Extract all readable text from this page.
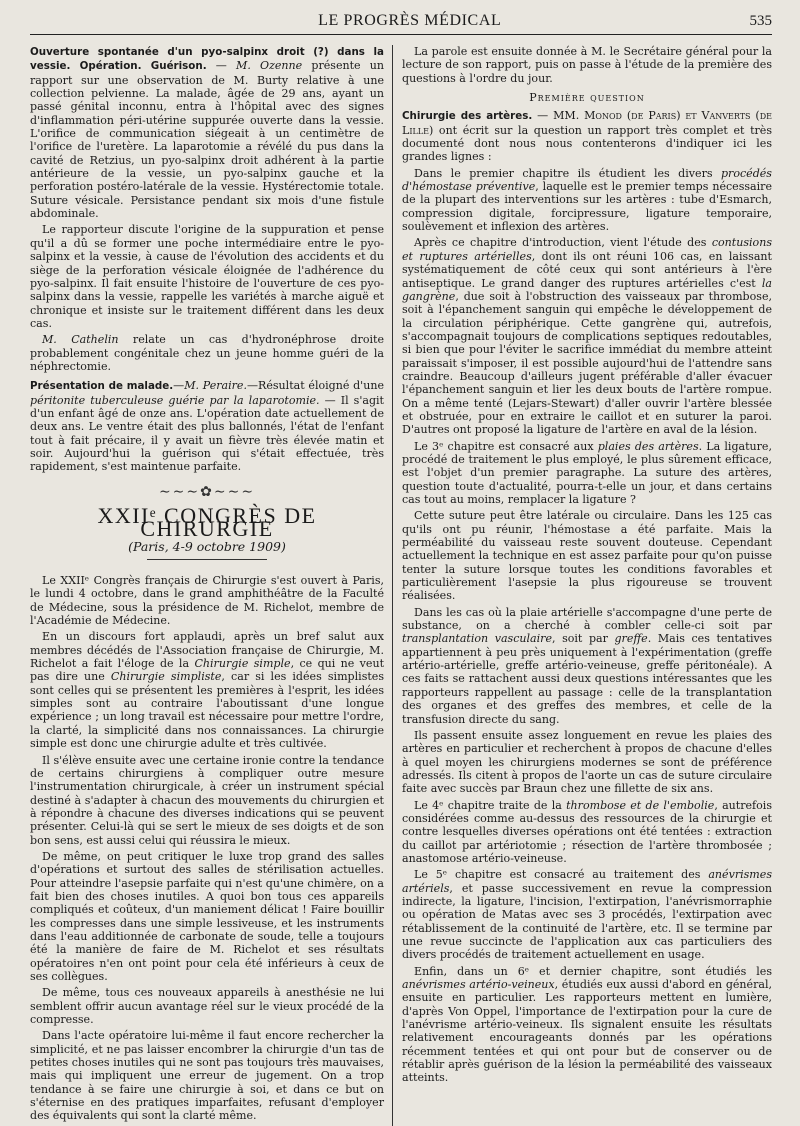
LE PROGRÈS MÉDICAL	535

Ouverture spontanée d'un pyo-salpinx droit (?) dans la vessie. Opération. Guérison. — M. Ozenne présente un rapport sur une observation de M. Burty relative à une collection pelvienne. La malade, âgée de 29 ans, ayant un passé génital inconnu, entra à l'hôpital avec des signes d'inflammation péri-utérine suppurée ouverte dans la vessie. L'orifice de communication siégeait à un centimètre de l'orifice de l'uretère. La laparotomie a révélé du pus dans la cavité de Retzius, un pyo-salpinx droit adhérent à la partie antérieure de la vessie, un pyo-salpinx gauche et la perforation postéro-latérale de la vessie. Hystérectomie totale. Suture vésicale. Persistance pendant six mois d'une fistule abdominale.

Le rapporteur discute l'origine de la suppuration et pense qu'il a dû se former une poche intermédiaire entre le pyo-salpinx et la vessie, à cause de l'évolution des accidents et du siège de la perforation vésicale éloignée de l'adhérence du pyo-salpinx. Il fait ensuite l'histoire de l'ouverture de ces pyo-salpinx dans la vessie, rappelle les variétés à marche aiguë et chronique et insiste sur le traitement différent dans les deux cas.

M. Cathelin relate un cas d'hydronéphrose droite probablement congénitale chez un jeune homme guéri de la néphrectomie.

Présentation de malade.—M. Peraire.—Résultat éloigné d'une péritonite tuberculeuse guérie par la laparotomie. — Il s'agit d'un enfant âgé de onze ans. L'opération date actuellement de deux ans. Le ventre était des plus ballonnés, l'état de l'enfant tout à fait précaire, il y avait un fièvre très élevée matin et soir. Aujourd'hui la guérison qui s'était effectuée, très rapidement, s'est maintenue parfaite.

∼∼∼✿∼∼∼
XXIIᵉ CONGRÈS DE CHIRURGIE
(Paris, 4-9 octobre 1909)

Le XXIIᵉ Congrès français de Chirurgie s'est ouvert à Paris, le lundi 4 octobre, dans le grand amphithéâtre de la Faculté de Médecine, sous la présidence de M. Richelot, membre de l'Académie de Médecine.

En un discours fort applaudi, après un bref salut aux membres décédés de l'Association française de Chirurgie, M. Richelot a fait l'éloge de la Chirurgie simple, ce qui ne veut pas dire une Chirurgie simpliste, car si les idées simplistes sont celles qui se présentent les premières à l'esprit, les idées simples sont au contraire l'aboutissant d'une longue expérience ; un long travail est nécessaire pour mettre l'ordre, la clarté, la simplicité dans nos connaissances. La chirurgie simple est donc une chirurgie adulte et très cultivée.

Il s'élève ensuite avec une certaine ironie contre la tendance de certains chirurgiens à compliquer outre mesure l'instrumentation chirurgicale, à créer un instrument spécial destiné à s'adapter à chacun des mouvements du chirurgien et à répondre à chacune des diverses indications qui se peuvent présenter. Celui-là qui se sert le mieux de ses doigts et de son bon sens, est aussi celui qui réussira le mieux.

De même, on peut critiquer le luxe trop grand des salles d'opérations et surtout des salles de stérilisation actuelles. Pour atteindre l'asepsie parfaite qui n'est qu'une chimère, on a fait bien des choses inutiles. A quoi bon tous ces appareils compliqués et coûteux, d'un maniement délicat ! Faire bouillir les compresses dans une simple lessiveuse, et les instruments dans l'eau additionnée de carbonate de soude, telle a toujours été la manière de faire de M. Richelot et ses résultats opératoires n'en ont point pour cela été inférieurs à ceux de ses collègues.

De même, tous ces nouveaux appareils à anesthésie ne lui semblent offrir aucun avantage réel sur le vieux procédé de la compresse.

Dans l'acte opératoire lui-même il faut encore rechercher la simplicité, et ne pas laisser encombrer la chirurgie d'un tas de petites choses inutiles qui ne sont pas toujours très mauvaises, mais qui impliquent une erreur de jugement. On a trop tendance à se faire une chirurgie à soi, et dans ce but on s'éternise en des pratiques imparfaites, refusant d'employer des équivalents qui sont la clarté même.

La parole est ensuite donnée à M. le Secrétaire général pour la lecture de son rapport, puis on passe à l'étude de la première des questions à l'ordre du jour.

Première question

Chirurgie des artères. — MM. Monod (de Paris) et Vanverts (de Lille) ont écrit sur la question un rapport très complet et très documenté dont nous nous contenterons d'indiquer ici les grandes lignes :

Dans le premier chapitre ils étudient les divers procédés d'hémostase préventive, laquelle est le premier temps nécessaire de la plupart des interventions sur les artères : tube d'Esmarch, compression digitale, forcipressure, ligature temporaire, soulèvement et inflexion des artères.

Après ce chapitre d'introduction, vient l'étude des contusions et ruptures artérielles, dont ils ont réuni 106 cas, en laissant systématiquement de côté ceux qui sont antérieurs à l'ère antiseptique. Le grand danger des ruptures artérielles c'est la gangrène, due soit à l'obstruction des vaisseaux par thrombose, soit à l'épanchement sanguin qui empêche le développement de la circulation périphérique. Cette gangrène qui, autrefois, s'accompagnait toujours de complications septiques redoutables, si bien que pour l'éviter le sacrifice immédiat du membre atteint paraissait s'imposer, il est possible aujourd'hui de l'attendre sans craindre. Beaucoup d'ailleurs jugent préférable d'aller évacuer l'épanchement sanguin et lier les deux bouts de l'artère rompue. On a même tenté (Lejars-Stewart) d'aller ouvrir l'artère blessée et obstruée, pour en extraire le caillot et en suturer la paroi. D'autres ont proposé la ligature de l'artère en aval de la lésion.

Le 3ᵉ chapitre est consacré aux plaies des artères. La ligature, procédé de traitement le plus employé, le plus sûrement efficace, est l'objet d'un premier paragraphe. La suture des artères, question toute d'actualité, pourra-t-elle un jour, et dans certains cas tout au moins, remplacer la ligature ?

Cette suture peut être latérale ou circulaire. Dans les 125 cas qu'ils ont pu réunir, l'hémostase a été parfaite. Mais la perméabilité du vaisseau reste souvent douteuse. Cependant actuellement la technique en est assez parfaite pour qu'on puisse tenter la suture lorsque toutes les conditions favorables et particulièrement l'asepsie la plus rigoureuse se trouvent réalisées.

Dans les cas où la plaie artérielle s'accompagne d'une perte de substance, on a cherché à combler celle-ci soit par transplantation vasculaire, soit par greffe. Mais ces tentatives appartiennent à peu près uniquement à l'expérimentation (greffe artério-artérielle, greffe artério-veineuse, greffe péritonéale). A ces faits se rattachent aussi deux questions intéressantes que les rapporteurs rappellent au passage : celle de la transplantation des organes et des greffes des membres, et celle de la transfusion directe du sang.

Ils passent ensuite assez longuement en revue les plaies des artères en particulier et recherchent à propos de chacune d'elles à quel moyen les chirurgiens modernes se sont de préférence adressés. Ils citent à propos de l'aorte un cas de suture circulaire faite avec succès par Braun chez une fillette de six ans.

Le 4ᵉ chapitre traite de la thrombose et de l'embolie, autrefois considérées comme au-dessus des ressources de la chirurgie et contre lesquelles diverses opérations ont été tentées : extraction du caillot par artériotomie ; résection de l'artère thrombosée ; anastomose artério-veineuse.

Le 5ᵉ chapitre est consacré au traitement des anévrismes artériels, et passe successivement en revue la compression indirecte, la ligature, l'incision, l'extirpation, l'anévrismorraphie ou opération de Matas avec ses 3 procédés, l'extirpation avec rétablissement de la continuité de l'artère, etc. Il se termine par une revue succincte de l'application aux cas particuliers des divers procédés de traitement actuellement en usage.

Enfin, dans un 6ᵉ et dernier chapitre, sont étudiés les anévrismes artério-veineux, étudiés eux aussi d'abord en général, ensuite en particulier. Les rapporteurs mettent en lumière, d'après Von Oppel, l'importance de l'extirpation pour la cure de l'anévrisme artério-veineux. Ils signalent ensuite les résultats relativement encourageants donnés par les opérations récemment tentées et qui ont pour but de conserver ou de rétablir après guérison de la lésion la perméabilité des vaisseaux atteints.
